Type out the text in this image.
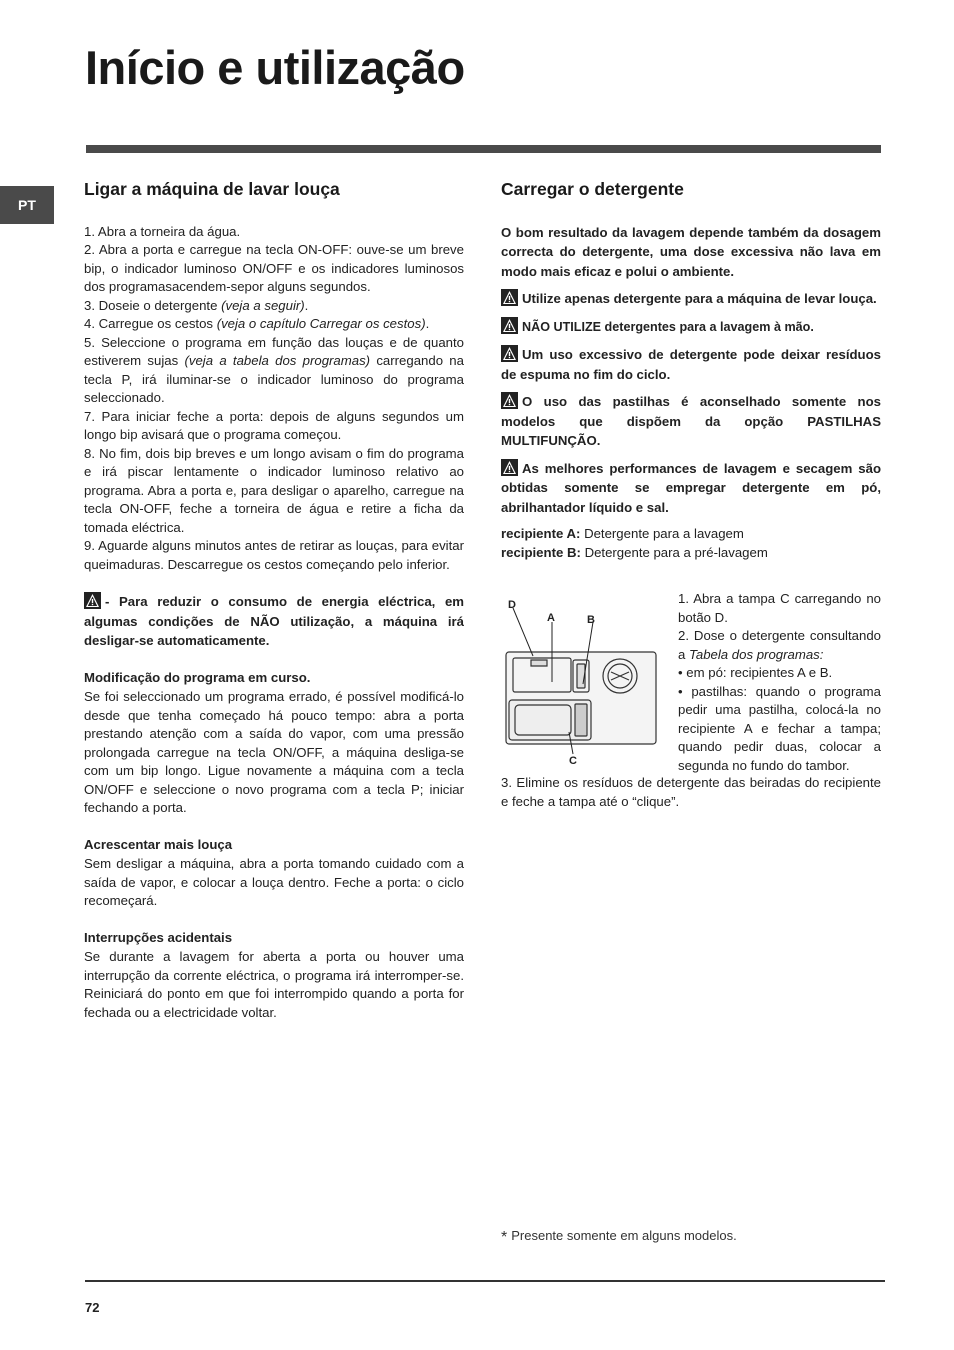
Início e utilização
PT
Ligar a máquina de lavar louça

1. Abra a torneira da água.

2. Abra a porta e carregue na tecla ON-OFF: ouve-se um breve bip, o indicador luminoso ON/OFF e os indicadores luminosos dos programasacendem-sepor alguns segundos.

3. Doseie o detergente (veja a seguir).

4. Carregue os cestos (veja o capítulo Carregar os cestos).

5. Seleccione o programa em função das louças e de quanto estiverem sujas (veja a tabela dos programas) carregando na tecla P, irá iluminar-se o indicador luminoso do programa seleccionado.

7. Para iniciar feche a porta: depois de alguns segundos um longo bip avisará que o programa começou.

8. No fim, dois bip breves e um longo avisam o fim do programa e irá piscar lentamente o indicador luminoso relativo ao programa. Abra a porta e, para desligar o aparelho, carregue na tecla ON-OFF, feche a torneira de água e retire a ficha da tomada eléctrica.

9. Aguarde alguns minutos antes de retirar as louças, para evitar queimaduras. Descarregue os cestos começando pelo inferior.

- Para reduzir o consumo de energia eléctrica, em algumas condições de NÃO utilização, a máquina irá desligar-se automaticamente.

Modificação do programa em curso.

Se foi seleccionado um programa errado, é possível modificá-lo desde que tenha começado há pouco tempo: abra a porta prestando atenção com a saída do vapor, com uma pressão prolongada carregue na tecla ON/OFF, a máquina desliga-se com um bip longo. Ligue novamente a máquina com a tecla ON/OFF e seleccione o novo programa com a tecla P; iniciar fechando a porta.

Acrescentar mais louça

Sem desligar a máquina, abra a porta tomando cuidado com a saída de vapor, e colocar a louça dentro. Feche a porta: o ciclo recomeçará.

Interrupções acidentais

Se durante a lavagem for aberta a porta ou houver uma interrupção da corrente eléctrica, o programa irá interromper-se. Reiniciará do ponto em que foi interrompido quando a porta for fechada ou a electricidade voltar.

Carregar o detergente

O bom resultado da lavagem depende também da dosagem correcta do detergente, uma dose excessiva não lava em modo mais eficaz e polui o ambiente.

Utilize apenas detergente para a máquina de levar louça.

NÃO UTILIZE detergentes para a lavagem à mão.

Um uso excessivo de detergente pode deixar resíduos de espuma no fim do ciclo.

O uso das pastilhas é aconselhado somente nos modelos que dispõem da opção PASTILHAS MULTIFUNÇÃO.

As melhores performances de lavagem e secagem são obtidas somente se empregar detergente em pó, abrilhantador líquido e sal.

recipiente A: Detergente para a lavagem

recipiente B: Detergente para a pré-lavagem

D
A	B
C

1. Abra a tampa C carregando no botão D.

2. Dose o detergente consultando a Tabela dos programas:

• em pó: recipientes A e B.

• pastilhas: quando o programa pedir uma pastilha, colocá-la no recipiente A e fechar a tampa; quando pedir duas, colocar a segunda no fundo do tambor.

3. Elimine os resíduos de detergente das beiradas do recipiente e feche a tampa até o “clique”.

* Presente somente em alguns modelos.
72
